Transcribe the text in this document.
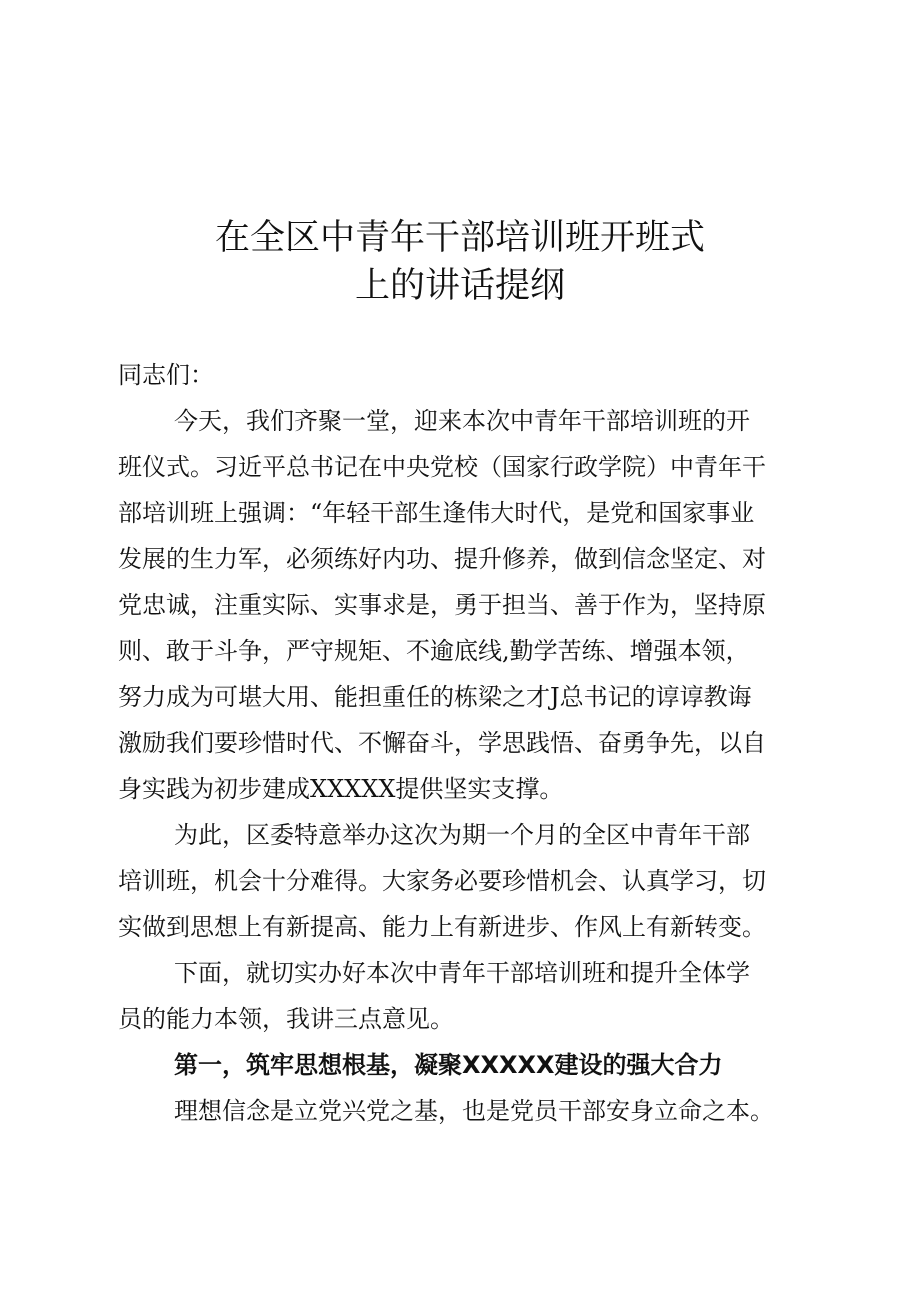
在全区中青年干部培训班开班式
上的讲话提纲

同志们：

今天，我们齐聚一堂，迎来本次中青年干部培训班的开
班仪式。习近平总书记在中央党校（国家行政学院）中青年干
部培训班上强调：“年轻干部生逢伟大时代，是党和国家事业
发展的生力军，必须练好内功、提升修养，做到信念坚定、对
党忠诚，注重实际、实事求是，勇于担当、善于作为，坚持原
则、敢于斗争，严守规矩、不逾底线,勤学苦练、增强本领，
努力成为可堪大用、能担重任的栋梁之才J总书记的谆谆教诲
激励我们要珍惜时代、不懈奋斗，学思践悟、奋勇争先，以自
身实践为初步建成XXXXX提供坚实支撑。
为此，区委特意举办这次为期一个月的全区中青年干部
培训班，机会十分难得。大家务必要珍惜机会、认真学习，切
实做到思想上有新提高、能力上有新进步、作风上有新转变。
下面，就切实办好本次中青年干部培训班和提升全体学
员的能力本领，我讲三点意见。

第一，筑牢思想根基，凝聚XXXXX建设的强大合力

理想信念是立党兴党之基，也是党员干部安身立命之本。
